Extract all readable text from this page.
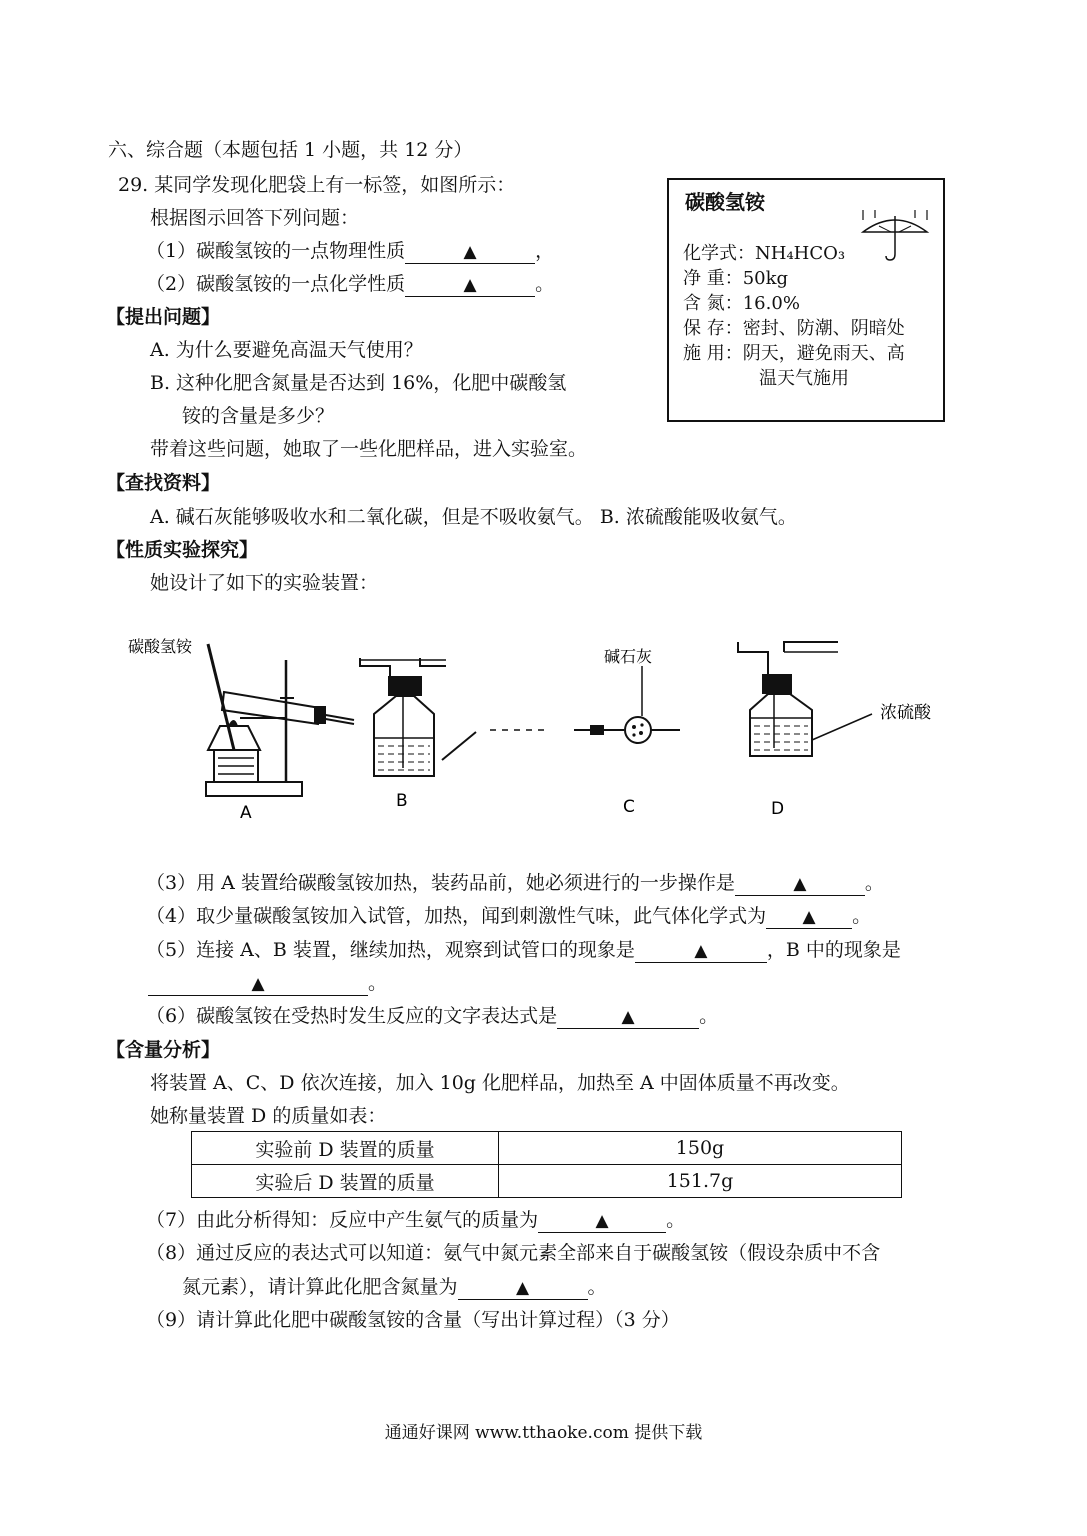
六、综合题（本题包括 1 小题，共 12 分）
29. 某同学发现化肥袋上有一标签，如图所示：
根据图示回答下列问题：
（1）碳酸氢铵的一点物理性质	▲	，
（2）碳酸氢铵的一点化学性质	▲	。
碳酸氢铵
化学式：NH₄HCO₃
净 重：50kg
含 氮：16.0%
保 存：密封、防潮、阴暗处
施 用：阴天，避免雨天、高
温天气施用
【提出问题】
A. 为什么要避免高温天气使用？
B. 这种化肥含氮量是否达到 16%，化肥中碳酸氢
铵的含量是多少？
带着这些问题，她取了一些化肥样品，进入实验室。
【查找资料】
A. 碱石灰能够吸收水和二氧化碳，但是不吸收氨气。 B. 浓硫酸能吸收氨气。
【性质实验探究】
她设计了如下的实验装置：
碳酸氢铵
A
B
碱石灰
C
浓硫酸
D
（3）用 A 装置给碳酸氢铵加热，装药品前，她必须进行的一步操作是	▲	。
（4）取少量碳酸氢铵加入试管，加热，闻到刺激性气味，此气体化学式为 ▲ 。
（5）连接 A、B 装置，继续加热，观察到试管口的现象是	▲	，B 中的现象是
▲	。
（6）碳酸氢铵在受热时发生反应的文字表达式是	▲	。
【含量分析】
将装置 A、C、D 依次连接，加入 10g 化肥样品，加热至 A 中固体质量不再改变。
她称量装置 D 的质量如表：
实验前 D 装置的质量	150g
实验后 D 装置的质量	151.7g
（7）由此分析得知：反应中产生氨气的质量为	▲	。
（8）通过反应的表达式可以知道：氨气中氮元素全部来自于碳酸氢铵（假设杂质中不含
氮元素），请计算此化肥含氮量为	▲	。
（9）请计算此化肥中碳酸氢铵的含量（写出计算过程）（3 分）
通通好课网 www.tthaoke.com 提供下载
